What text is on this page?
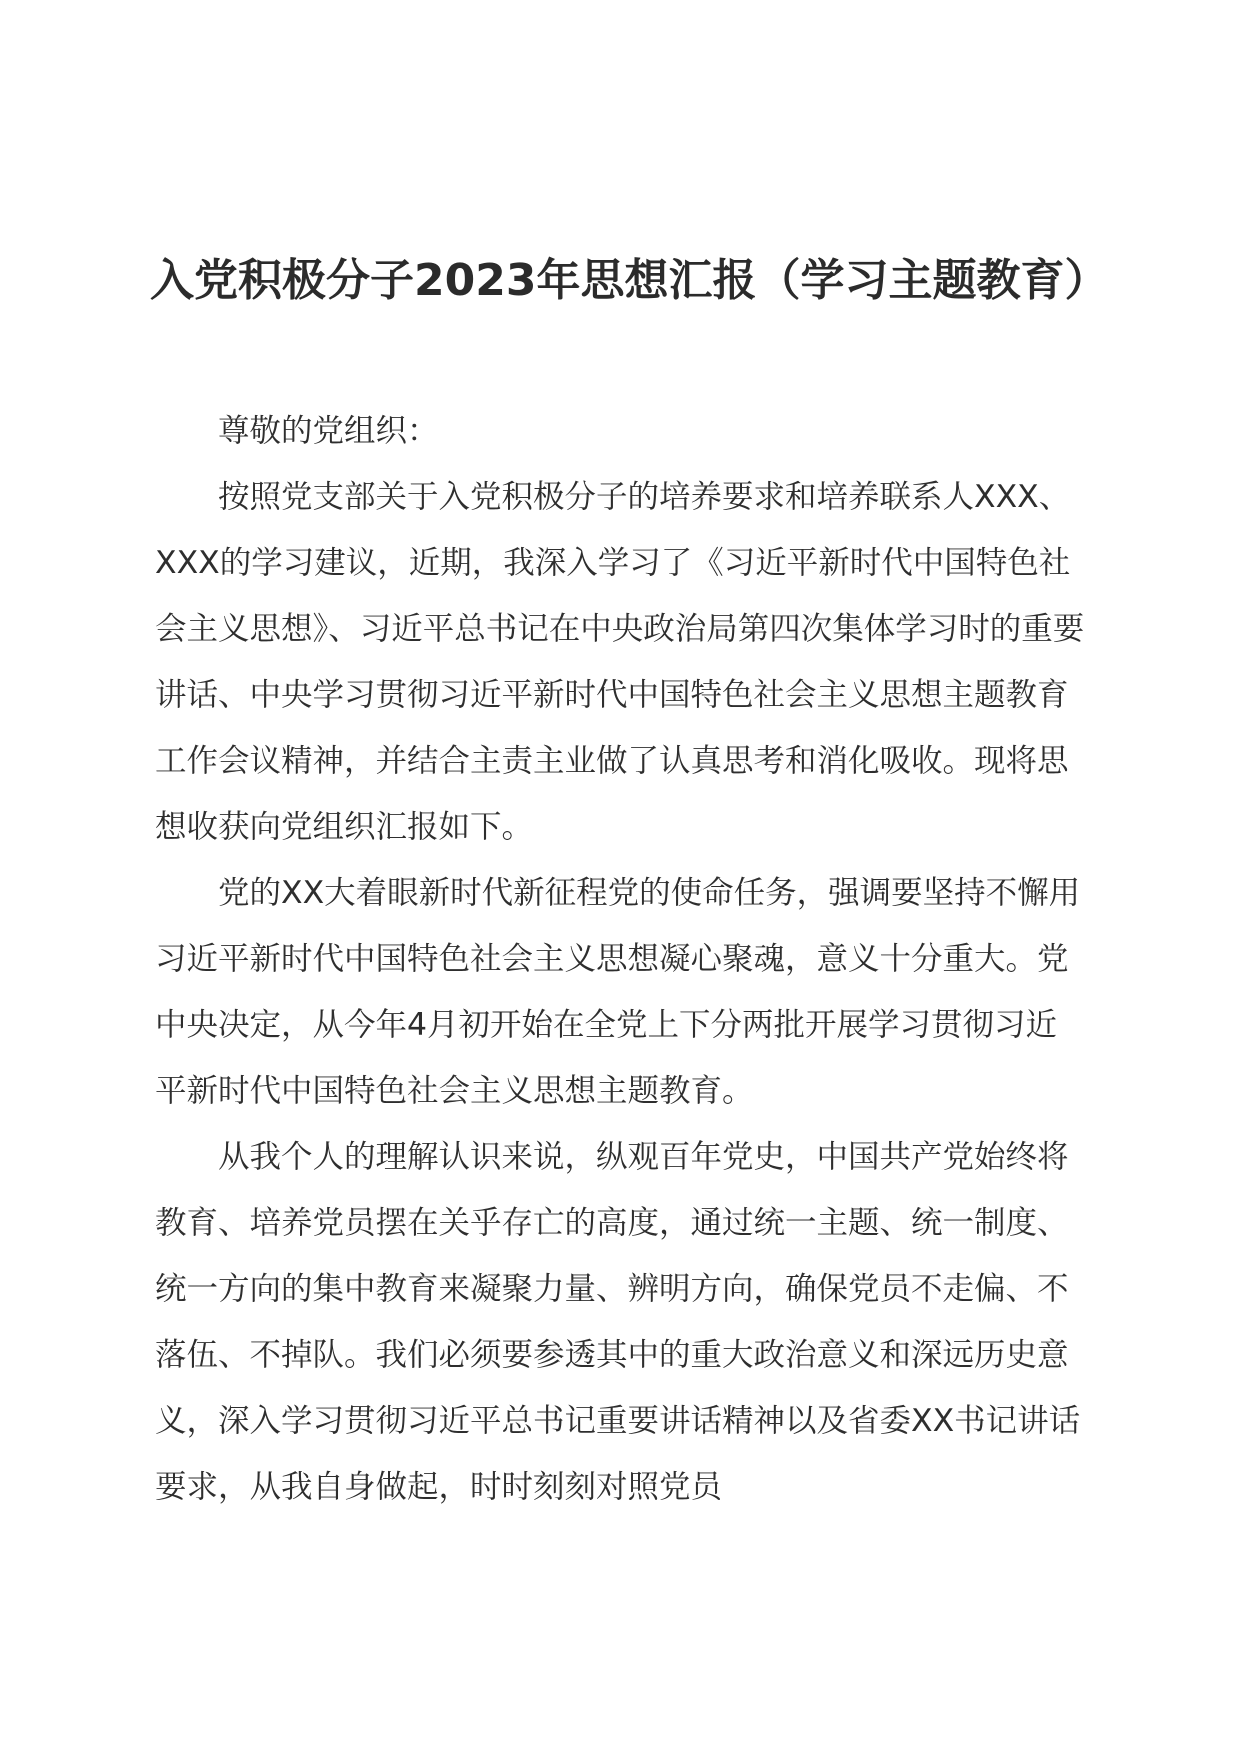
入党积极分子2023年思想汇报（学习主题教育）

尊敬的党组织：

按照党支部关于入党积极分子的培养要求和培养联系人XXX、XXX的学习建议，近期，我深入学习了《习近平新时代中国特色社会主义思想》、习近平总书记在中央政治局第四次集体学习时的重要讲话、中央学习贯彻习近平新时代中国特色社会主义思想主题教育工作会议精神，并结合主责主业做了认真思考和消化吸收。现将思想收获向党组织汇报如下。

党的XX大着眼新时代新征程党的使命任务，强调要坚持不懈用习近平新时代中国特色社会主义思想凝心聚魂，意义十分重大。党中央决定，从今年4月初开始在全党上下分两批开展学习贯彻习近平新时代中国特色社会主义思想主题教育。

从我个人的理解认识来说，纵观百年党史，中国共产党始终将教育、培养党员摆在关乎存亡的高度，通过统一主题、统一制度、统一方向的集中教育来凝聚力量、辨明方向，确保党员不走偏、不落伍、不掉队。我们必须要参透其中的重大政治意义和深远历史意义，深入学习贯彻习近平总书记重要讲话精神以及省委XX书记讲话要求，从我自身做起，时时刻刻对照党员
